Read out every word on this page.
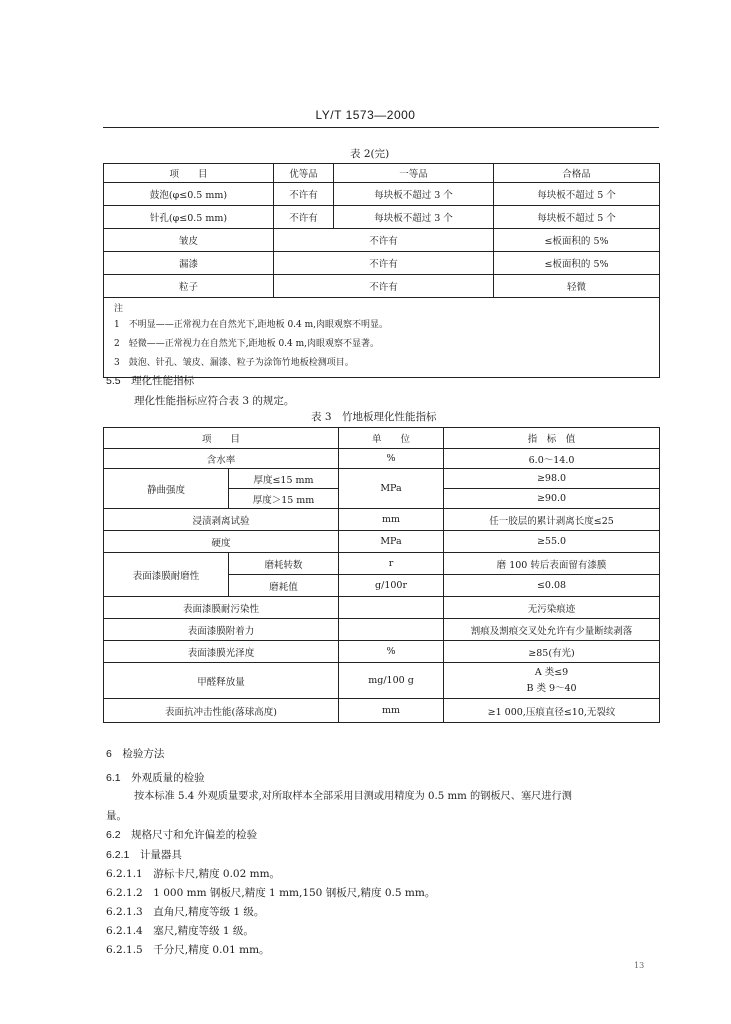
LY/T 1573—2000
表 2(完)
项　　目	优等品	一等品	合格品
鼓泡(φ≤0.5 mm)	不许有	每块板不超过 3 个	每块板不超过 5 个
针孔(φ≤0.5 mm)	不许有	每块板不超过 3 个	每块板不超过 5 个
皱皮	不许有		≤板面积的 5%
漏漆	不许有		≤板面积的 5%
粒子	不许有		轻微

注
1　不明显——正常视力在自然光下,距地板 0.4 m,肉眼观察不明显。
2　轻微——正常视力在自然光下,距地板 0.4 m,肉眼观察不显著。
3　鼓泡、针孔、皱皮、漏漆、粒子为涂饰竹地板检测项目。			
5.5　理化性能指标
理化性能指标应符合表 3 的规定。
表 3　竹地板理化性能指标
项　　目		单　　位	指　标　值
含水率		%	6.0～14.0
静曲强度	厚度≤15 mm	MPa	≥98.0
	厚度＞15 mm		≥90.0
浸渍剥离试验		mm	任一胶层的累计剥离长度≤25
硬度		MPa	≥55.0
表面漆膜耐磨性	磨耗转数	r	磨 100 转后表面留有漆膜
	磨耗值	g/100r	≤0.08
表面漆膜耐污染性			无污染痕迹
表面漆膜附着力			割痕及割痕交叉处允许有少量断续剥落
表面漆膜光泽度		%	≥85(有光)
甲醛释放量		mg/100 g	A 类≤9
B 类 9～40

表面抗冲击性能(落球高度)		mm	≥1 000,压痕直径≤10,无裂纹
6　检验方法
6.1　外观质量的检验
按本标准 5.4 外观质量要求,对所取样本全部采用目测或用精度为 0.5 mm 的钢板尺、塞尺进行测
量。
6.2　规格尺寸和允许偏差的检验
6.2.1　计量器具
6.2.1.1　游标卡尺,精度 0.02 mm。
6.2.1.2　1 000 mm 钢板尺,精度 1 mm,150 钢板尺,精度 0.5 mm。
6.2.1.3　直角尺,精度等级 1 级。
6.2.1.4　塞尺,精度等级 1 级。
6.2.1.5　千分尺,精度 0.01 mm。
13
